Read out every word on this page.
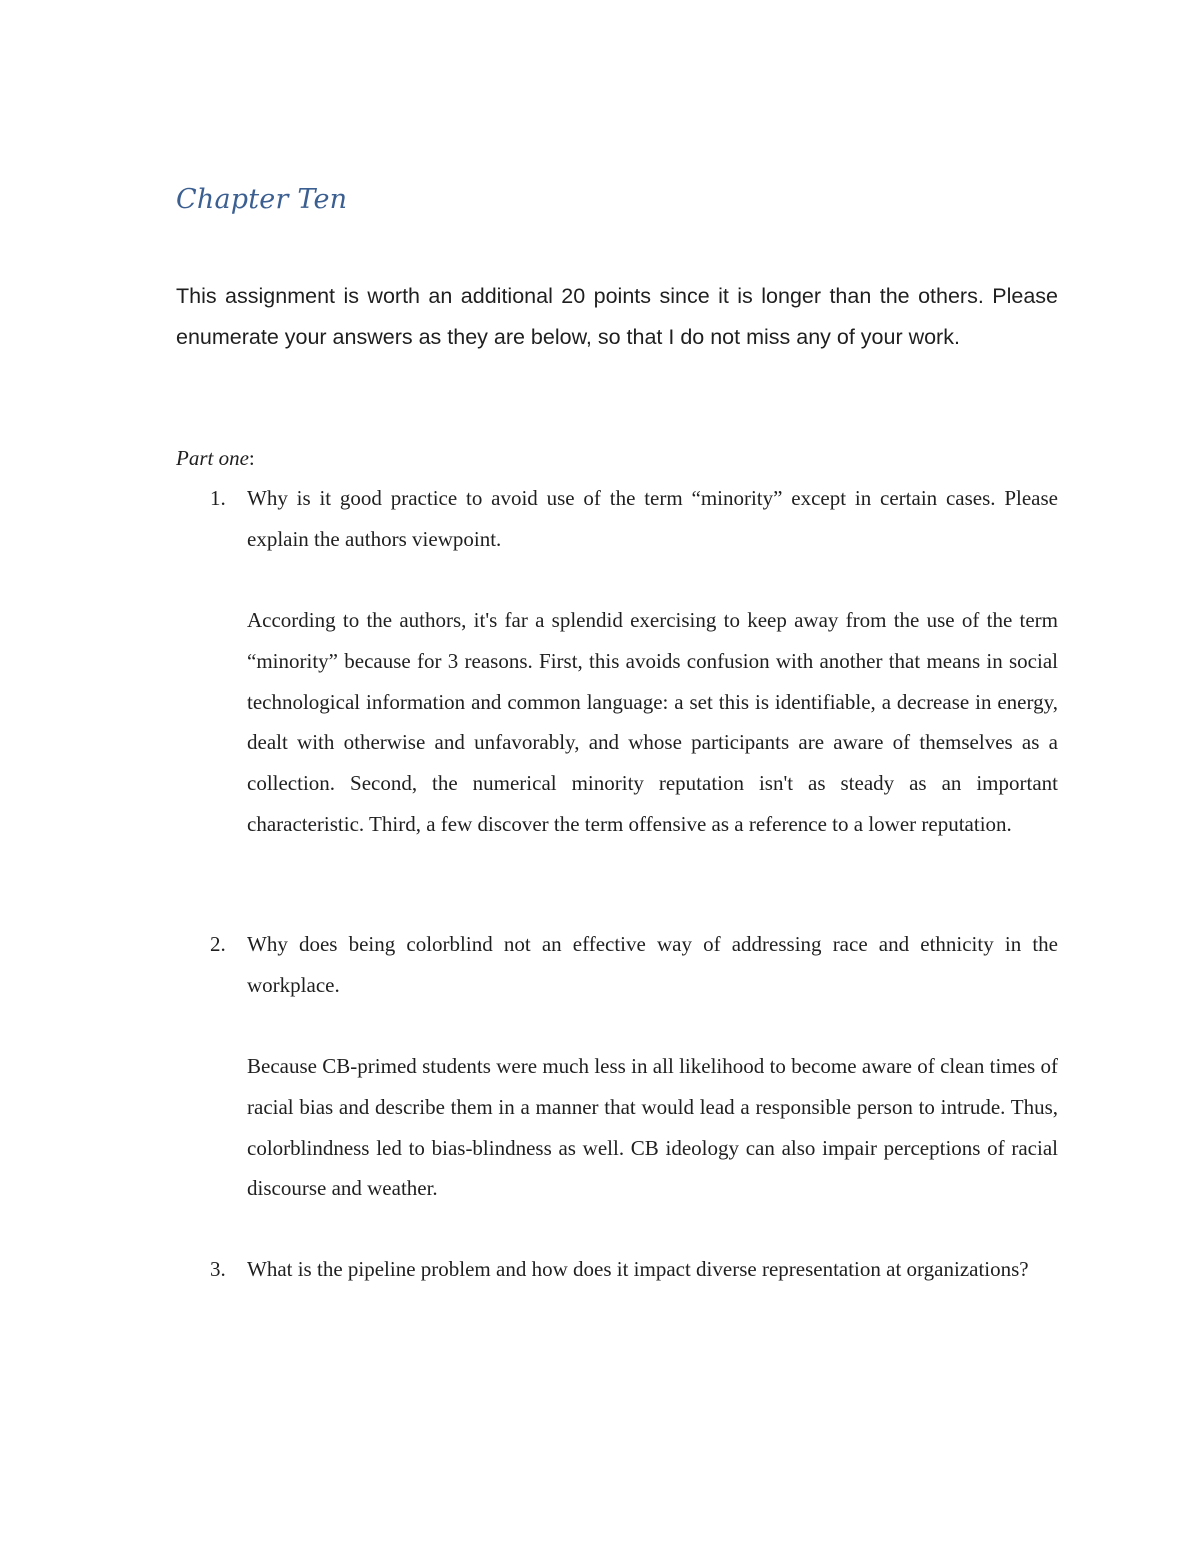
Chapter Ten

This assignment is worth an additional 20 points since it is longer than the others. Please enumerate your answers as they are below, so that I do not miss any of your work.

Part one:

1. Why is it good practice to avoid use of the term “minority” except in certain cases. Please explain the authors viewpoint.

According to the authors, it's far a splendid exercising to keep away from the use of the term “minority” because for 3 reasons. First, this avoids confusion with another that means in social technological information and common language: a set this is identifiable, a decrease in energy, dealt with otherwise and unfavorably, and whose participants are aware of themselves as a collection. Second, the numerical minority reputation isn't as steady as an important characteristic. Third, a few discover the term offensive as a reference to a lower reputation.

2. Why does being colorblind not an effective way of addressing race and ethnicity in the workplace.

Because CB-primed students were much less in all likelihood to become aware of clean times of racial bias and describe them in a manner that would lead a responsible person to intrude. Thus, colorblindness led to bias-blindness as well. CB ideology can also impair perceptions of racial discourse and weather.

3. What is the pipeline problem and how does it impact diverse representation at organizations?
